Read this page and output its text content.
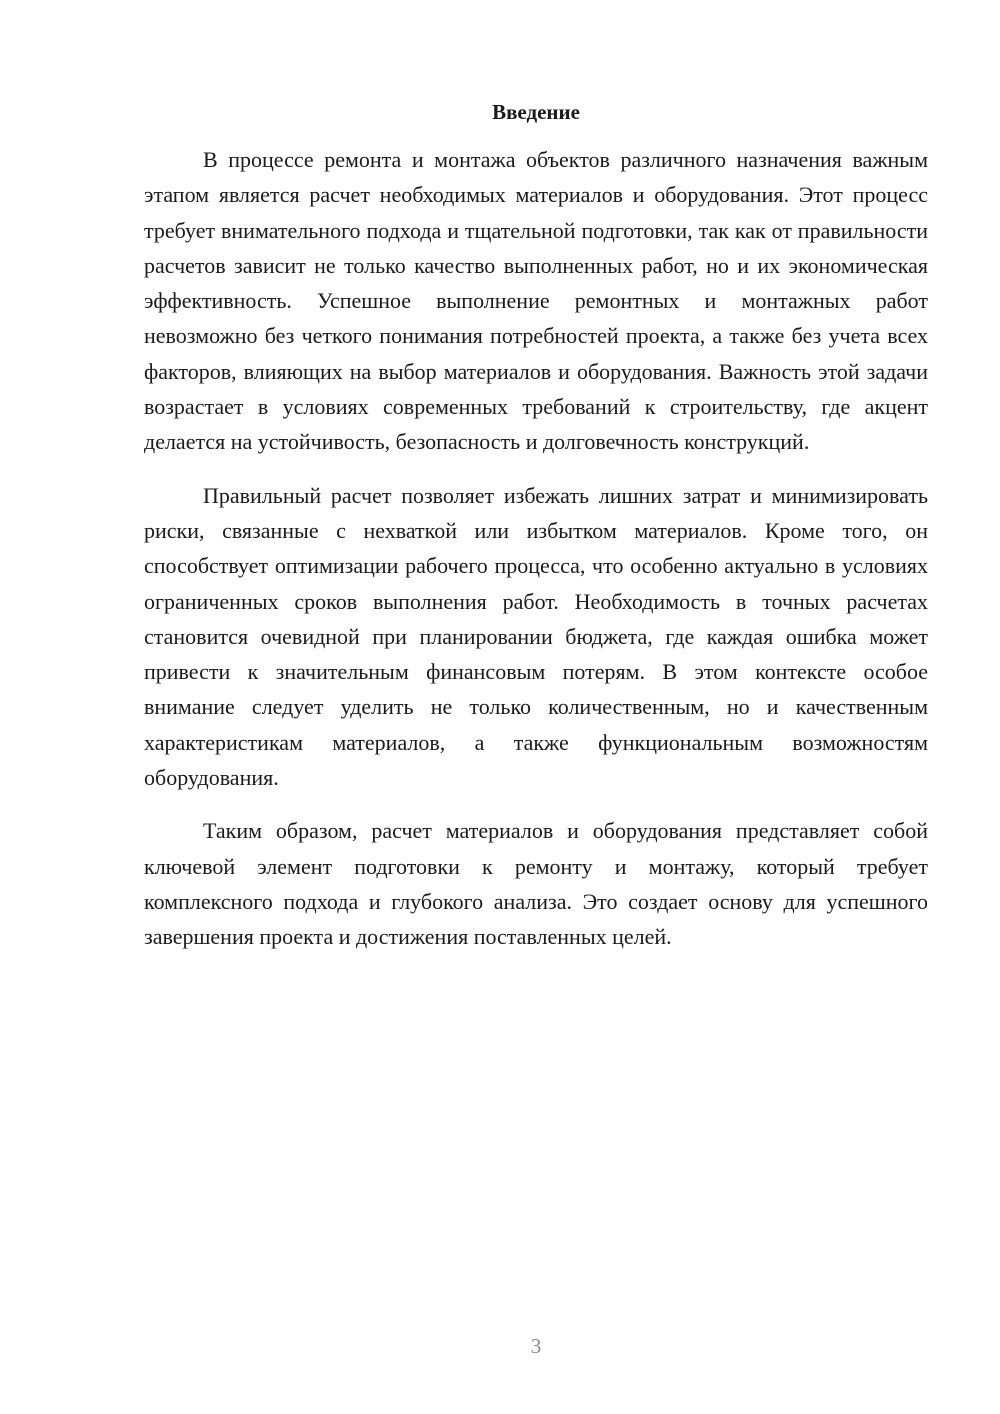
Введение

В процессе ремонта и монтажа объектов различного назначения важным этапом является расчет необходимых материалов и оборудования. Этот процесс требует внимательного подхода и тщательной подготовки, так как от правильности расчетов зависит не только качество выполненных работ, но и их экономическая эффективность. Успешное выполнение ремонтных и монтажных работ невозможно без четкого понимания потребностей проекта, а также без учета всех факторов, влияющих на выбор материалов и оборудования. Важность этой задачи возрастает в условиях современных требований к строительству, где акцент делается на устойчивость, безопасность и долговечность конструкций.

Правильный расчет позволяет избежать лишних затрат и минимизировать риски, связанные с нехваткой или избытком материалов. Кроме того, он способствует оптимизации рабочего процесса, что особенно актуально в условиях ограниченных сроков выполнения работ. Необходимость в точных расчетах становится очевидной при планировании бюджета, где каждая ошибка может привести к значительным финансовым потерям. В этом контексте особое внимание следует уделить не только количественным, но и качественным характеристикам материалов, а также функциональным возможностям оборудования.

Таким образом, расчет материалов и оборудования представляет собой ключевой элемент подготовки к ремонту и монтажу, который требует комплексного подхода и глубокого анализа. Это создает основу для успешного завершения проекта и достижения поставленных целей.

3
